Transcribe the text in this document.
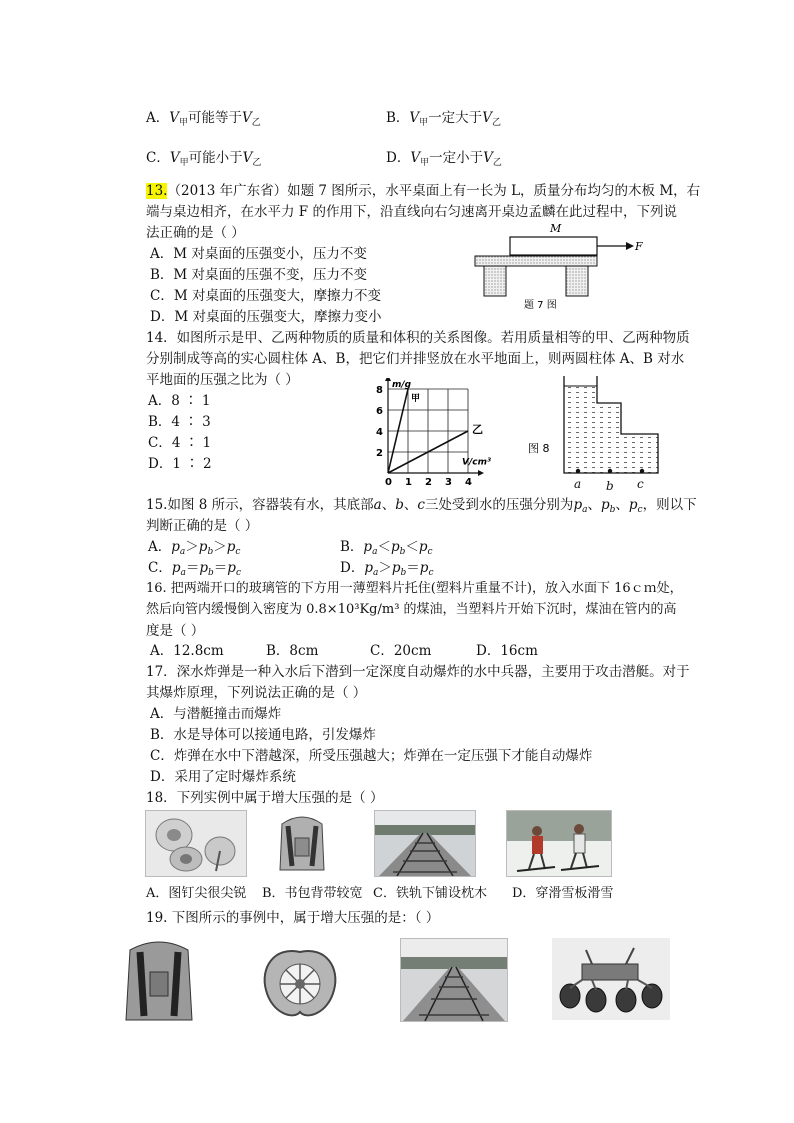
A．$V_甲$可能等于$V_乙$	B．$V_甲$一定大于$V_乙$
C．$V_甲$可能小于$V_乙$	D．$V_甲$一定小于$V_乙$
13.（2013 年广东省）如题 7 图所示，水平桌面上有一长为 L，质量分布均匀的木板 M，右
端与桌边相齐，在水平力 F 的作用下，沿直线向右匀速离开桌边孟麟在此过程中，下列说
法正确的是（ ）
A．M 对桌面的压强变小，压力不变
B．M 对桌面的压强不变，压力不变
C．M 对桌面的压强变大，摩擦力不变
D．M 对桌面的压强变大，摩擦力变小
M
F
题 7 图
14．如图所示是甲、乙两种物质的质量和体积的关系图像。若用质量相等的甲、乙两种物质
分别制成等高的实心圆柱体 A、B，把它们并排竖放在水平地面上，则两圆柱体 A、B 对水
平地面的压强之比为（ ）
A．8 ∶ 1
B．4 ∶ 3
C．4 ∶ 1
D．1 ∶ 2
0 1 2 3 4
2
4
6
8
V/cm³
m/g
甲
乙
图 8
a b c
15.如图 8 所示，容器装有水，其底部a、b、c三处受到水的压强分别为$p_a$、$p_b$、$p_c$，则以下
判断正确的是（ ）
A．$p_a>p_b>p_c$	B．$p_a<p_b<p_c$
C．$p_a=p_b=p_c$	D．$p_a>p_b=p_c$
16. 把两端开口的玻璃管的下方用一薄塑料片托住(塑料片重量不计)，放入水面下 16ｃｍ处，
然后向管内缓慢倒入密度为 0.8×10³Kg/m³ 的煤油，当塑料片开始下沉时，煤油在管内的高
度是（ ）
A．12.8cm	B．8cm	C．20cm	D．16cm
17．深水炸弹是一种入水后下潜到一定深度自动爆炸的水中兵器，主要用于攻击潜艇。对于
其爆炸原理，下列说法正确的是（ ）
A．与潜艇撞击而爆炸
B．水是导体可以接通电路，引发爆炸
C．炸弹在水中下潜越深，所受压强越大；炸弹在一定压强下才能自动爆炸
D．采用了定时爆炸系统
18．下列实例中属于增大压强的是（ ）
A．图钉尖很尖锐 B．书包背带较宽 C．铁轨下铺设枕木 D．穿滑雪板滑雪
19. 下图所示的事例中，属于增大压强的是：（ ）
